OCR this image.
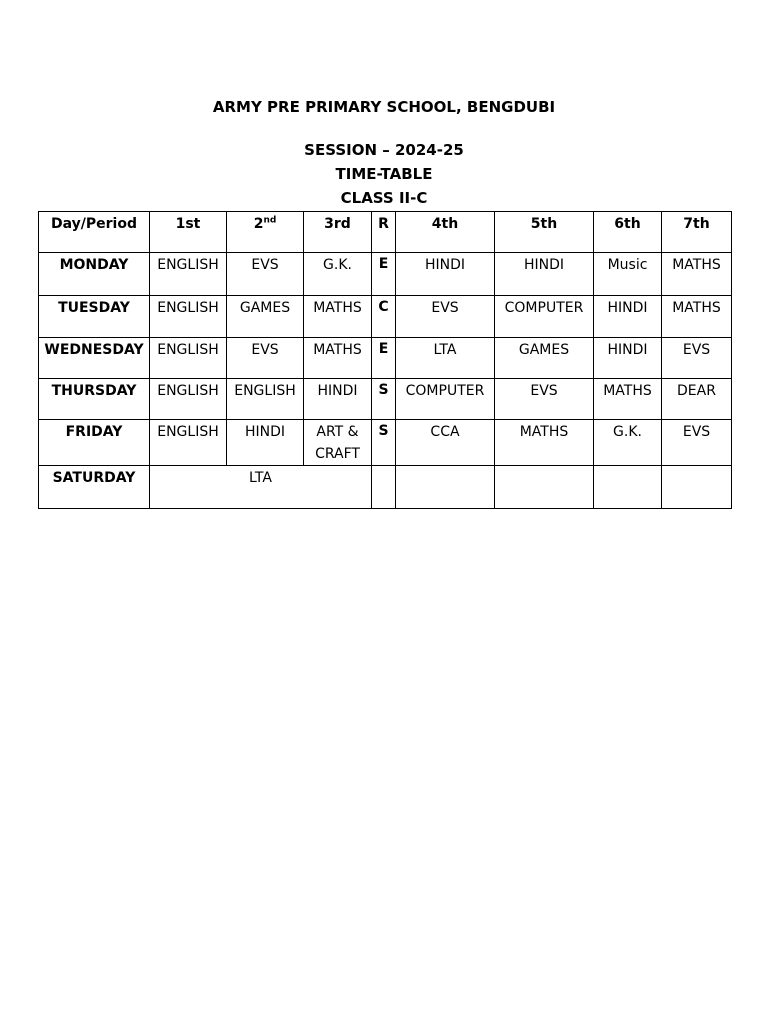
ARMY PRE PRIMARY SCHOOL, BENGDUBI

SESSION – 2024-25

TIME-TABLE

CLASS II-C

Day/Period	1st	2nd	3rd	R	4th	5th	6th	7th
MONDAY	ENGLISH	EVS	G.K.	E	HINDI	HINDI	Music	MATHS
TUESDAY	ENGLISH	GAMES	MATHS	C	EVS	COMPUTER	HINDI	MATHS
WEDNESDAY	ENGLISH	EVS	MATHS	E	LTA	GAMES	HINDI	EVS
THURSDAY	ENGLISH	ENGLISH	HINDI	S	COMPUTER	EVS	MATHS	DEAR
FRIDAY	ENGLISH	HINDI	ART & CRAFT	S	CCA	MATHS	G.K.	EVS
SATURDAY	LTA							
